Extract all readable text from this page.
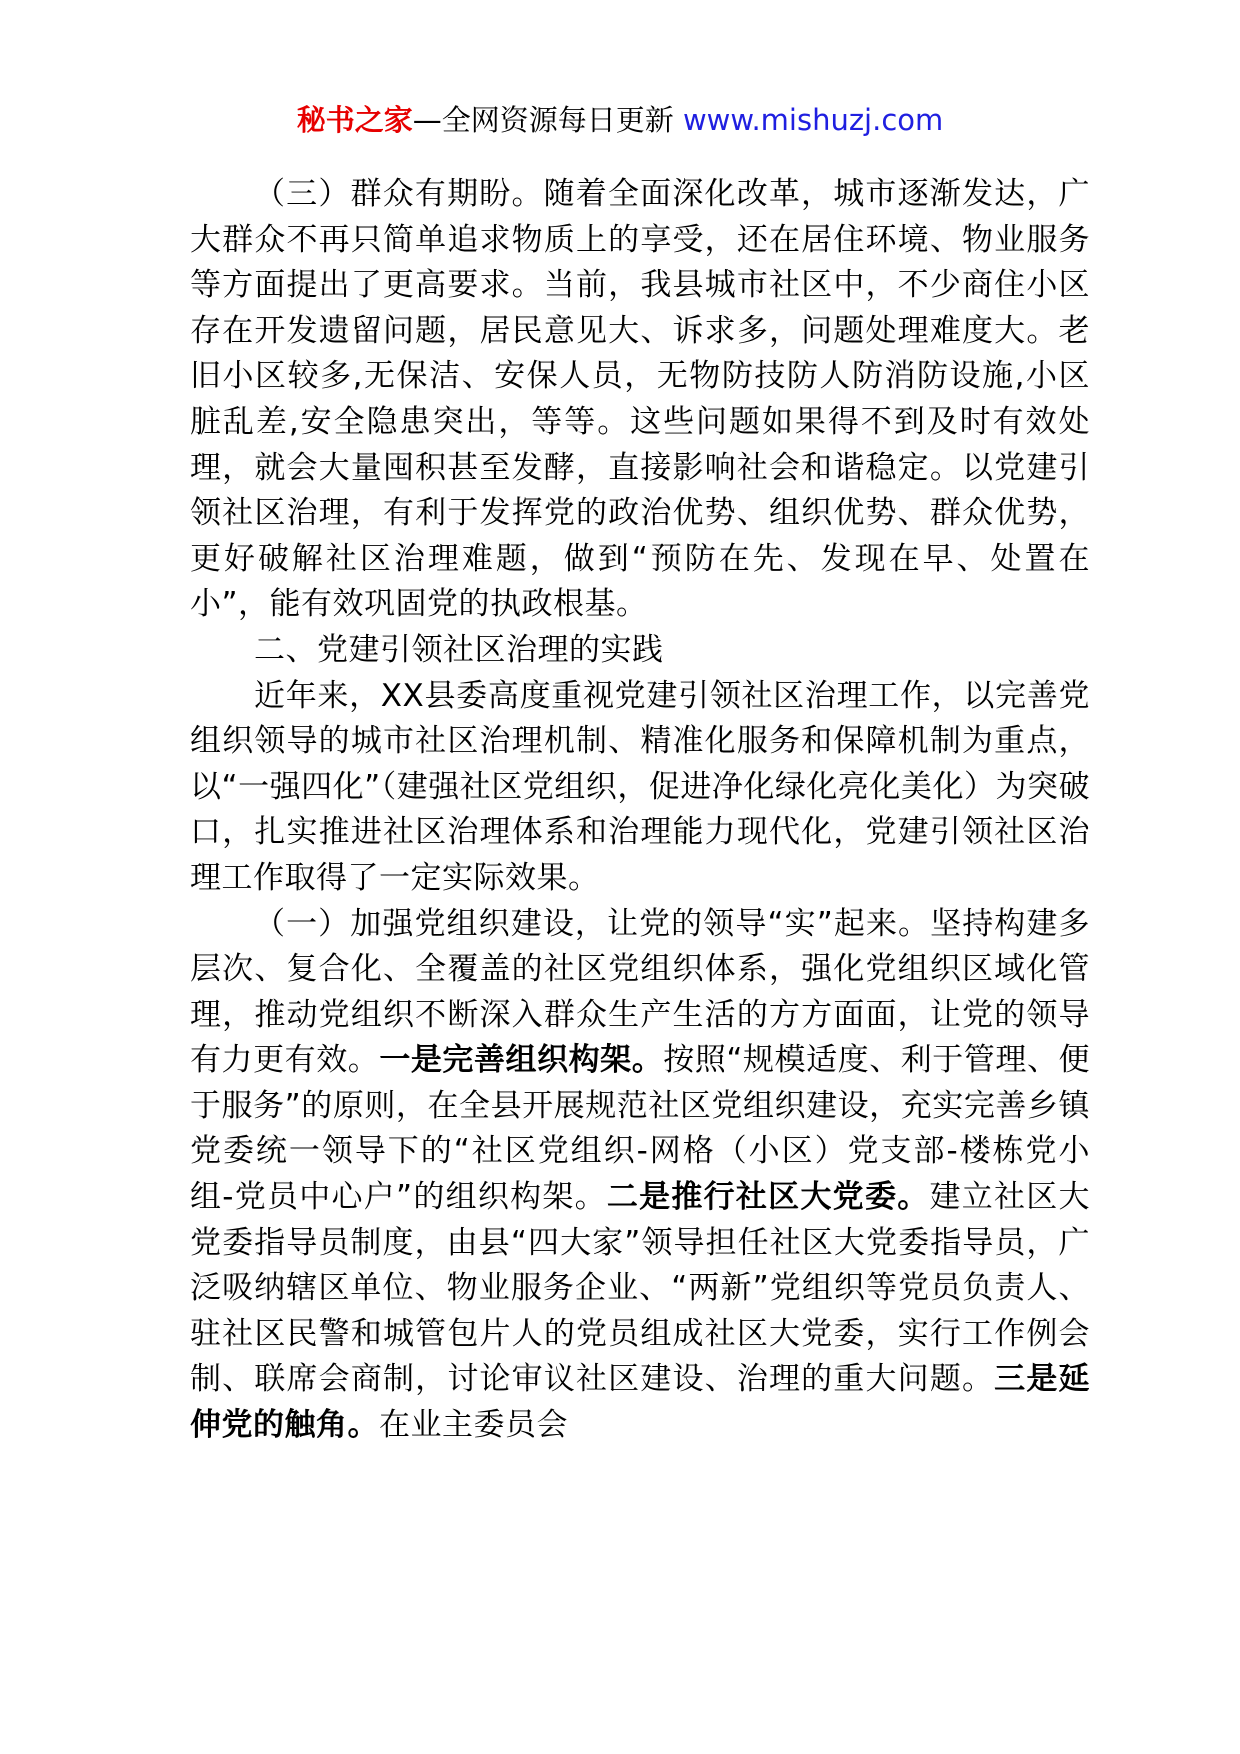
秘书之家—全网资源每日更新 www.mishuzj.com

（三）群众有期盼。随着全面深化改革，城市逐渐发达，广大群众不再只简单追求物质上的享受，还在居住环境、物业服务等方面提出了更高要求。当前，我县城市社区中，不少商住小区存在开发遗留问题，居民意见大、诉求多，问题处理难度大。老旧小区较多,无保洁、安保人员，无物防技防人防消防设施,小区脏乱差,安全隐患突出，等等。这些问题如果得不到及时有效处理，就会大量囤积甚至发酵，直接影响社会和谐稳定。以党建引领社区治理，有利于发挥党的政治优势、组织优势、群众优势，更好破解社区治理难题，做到“预防在先、发现在早、处置在小”，能有效巩固党的执政根基。

二、党建引领社区治理的实践

近年来，XX县委高度重视党建引领社区治理工作，以完善党组织领导的城市社区治理机制、精准化服务和保障机制为重点，以“一强四化”（建强社区党组织，促进净化绿化亮化美化）为突破口，扎实推进社区治理体系和治理能力现代化，党建引领社区治理工作取得了一定实际效果。

（一）加强党组织建设，让党的领导“实”起来。坚持构建多层次、复合化、全覆盖的社区党组织体系，强化党组织区域化管理，推动党组织不断深入群众生产生活的方方面面，让党的领导有力更有效。一是完善组织构架。按照“规模适度、利于管理、便于服务”的原则，在全县开展规范社区党组织建设，充实完善乡镇党委统一领导下的“社区党组织-网格（小区）党支部-楼栋党小组-党员中心户”的组织构架。二是推行社区大党委。建立社区大党委指导员制度，由县“四大家”领导担任社区大党委指导员，广泛吸纳辖区单位、物业服务企业、“两新”党组织等党员负责人、驻社区民警和城管包片人的党员组成社区大党委，实行工作例会制、联席会商制，讨论审议社区建设、治理的重大问题。三是延伸党的触角。在业主委员会
